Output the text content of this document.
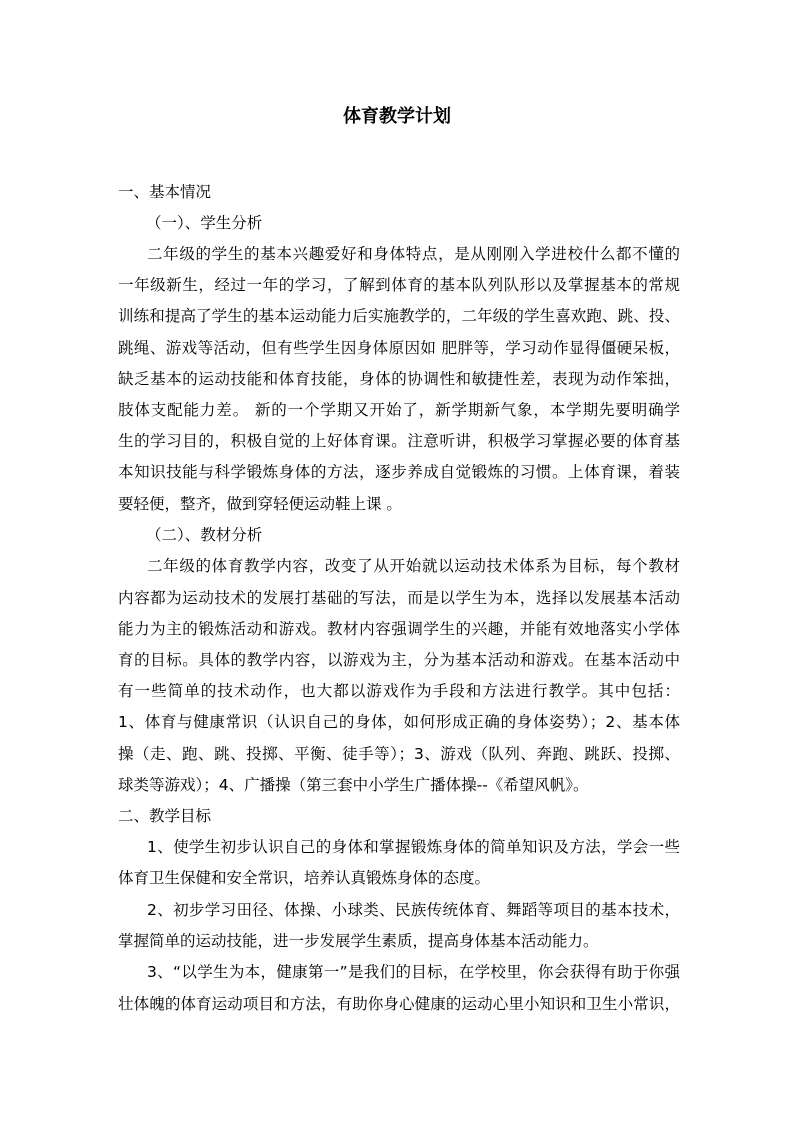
体育教学计划
一、基本情况
（一）、学生分析
二年级的学生的基本兴趣爱好和身体特点，是从刚刚入学进校什么都不懂的
一年级新生，经过一年的学习，了解到体育的基本队列队形以及掌握基本的常规
训练和提高了学生的基本运动能力后实施教学的，二年级的学生喜欢跑、跳、投、
跳绳、游戏等活动，但有些学生因身体原因如 肥胖等，学习动作显得僵硬呆板，
缺乏基本的运动技能和体育技能，身体的协调性和敏捷性差，表现为动作笨拙，
肢体支配能力差。 新的一个学期又开始了，新学期新气象，本学期先要明确学
生的学习目的，积极自觉的上好体育课。注意听讲，积极学习掌握必要的体育基
本知识技能与科学锻炼身体的方法，逐步养成自觉锻炼的习惯。上体育课，着装
要轻便，整齐，做到穿轻便运动鞋上课 。
（二）、教材分析
二年级的体育教学内容，改变了从开始就以运动技术体系为目标，每个教材
内容都为运动技术的发展打基础的写法，而是以学生为本，选择以发展基本活动
能力为主的锻炼活动和游戏。教材内容强调学生的兴趣，并能有效地落实小学体
育的目标。具体的教学内容，以游戏为主，分为基本活动和游戏。在基本活动中
有一些简单的技术动作，也大都以游戏作为手段和方法进行教学。其中包括：
1、体育与健康常识（认识自己的身体，如何形成正确的身体姿势）；2、基本体
操（走、跑、跳、投掷、平衡、徒手等）；3、游戏（队列、奔跑、跳跃、投掷、
球类等游戏）；4、广播操（第三套中小学生广播体操--《希望风帆》。
二、教学目标
1、使学生初步认识自己的身体和掌握锻炼身体的简单知识及方法，学会一些
体育卫生保健和安全常识，培养认真锻炼身体的态度。
2、初步学习田径、体操、小球类、民族传统体育、舞蹈等项目的基本技术，
掌握简单的运动技能，进一步发展学生素质，提高身体基本活动能力。
3、“以学生为本，健康第一”是我们的目标，在学校里，你会获得有助于你强
壮体魄的体育运动项目和方法，有助你身心健康的运动心里小知识和卫生小常识，
